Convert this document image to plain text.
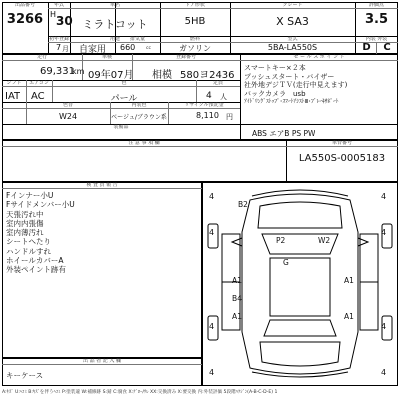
出品番号
3266
年式
H 30
車名
ミラトコット
ドア形状
5HB
グレード
X SA3
評価点
3.5
初年登録	用途	排気量	燃料	型式	内装 外装
7 月	自家用	660 cc	ガソリン	5BA-LA550S	D	C
走行	車検	登録番号
69,331
km 09年07月 相模 580ヨ2436
シフト	エアコン	色	定員
IAT AC	パール	4 人
色替	内装色	リサイクル預託金
W24	ベージュ/ブラウン系	8,110 円
装備品
セ ー ル ス ポ イ ン ト
スマートキー×２本
プッシュスタート・バイザー
社外地デジＴＶ(走行中見えます)
バックカメラ　usb
ｱｲﾄﾞﾘﾝｸﾞｽﾄｯﾌﾟ･ｽﾏｰﾄｱｼｽﾄⅢ･ﾌﾞﾚｰｷｻﾎﾟｰﾄ
ABS エアB PS PW
注 意 事 項 欄	車台番号
LA550S-0005183
検 査 員 報 告
Fインナー小U
Fサイドメンバー小U
天張汚れ中
室内内張傷
室内薄汚れ
シートへたり
ハンドルすれ
ホイールカバーA
外装ペイント跡有
出 品 者 記 入 欄
キーケース
4	4
4	4
4	4
4	4
B2
P2	W2
G
A1	A1
B4
A1	A1
A:ｷｽﾞ U:ﾍｺﾐ B:ｷｽﾞを伴うﾍｺﾐ P:塗装違 W:補修跡 S:錆 C:腐食 X:ｸﾞﾛｰ/ﾜﾚ XX:交換済み X:要交換 内:外装評価 5段階ﾊｸｼﾞﾝ(A-B-C-D-E) 1
